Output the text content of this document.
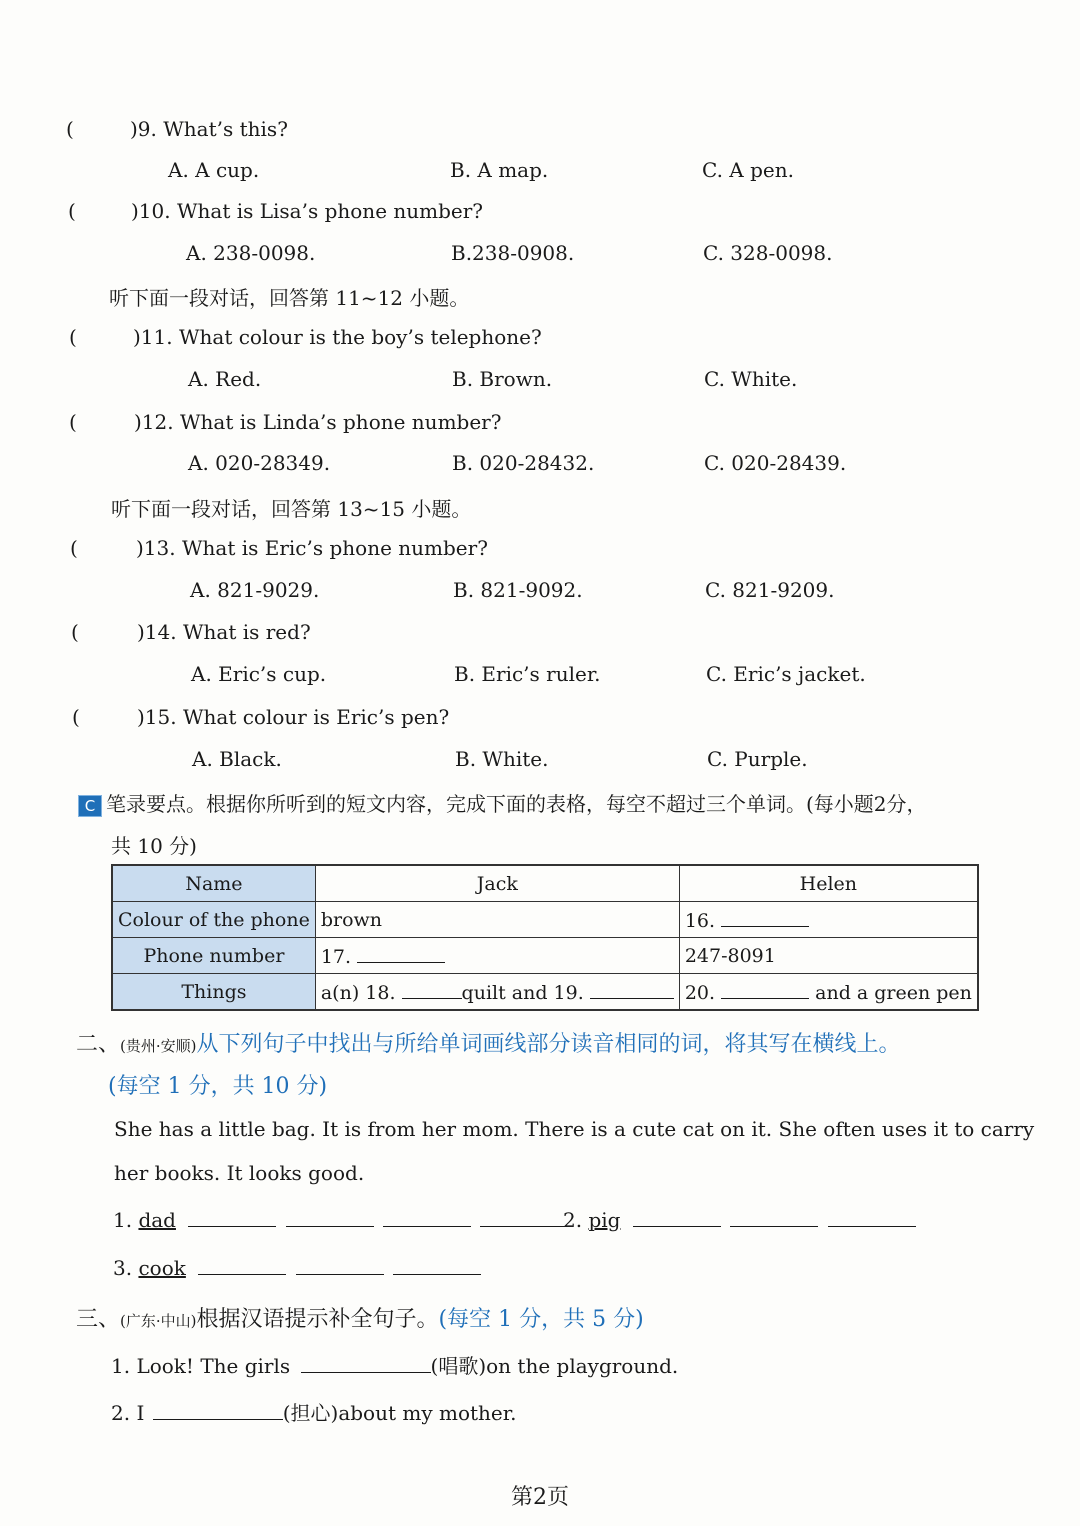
(	)9. What’s this?
A. A cup.	B. A map.	C. A pen.
(	)10. What is Lisa’s phone number?
A. 238-0098.	B.238-0908.	C. 328-0098.
听下面一段对话，回答第 11~12 小题。
(	)11. What colour is the boy’s telephone?
A. Red.	B. Brown.	C. White.
(	)12. What is Linda’s phone number?
A. 020-28349.	B. 020-28432.	C. 020-28439.
听下面一段对话，回答第 13~15 小题。
(	)13. What is Eric’s phone number?
A. 821-9029.	B. 821-9092.	C. 821-9209.
(	)14. What is red?
A. Eric’s cup.	B. Eric’s ruler.	C. Eric’s jacket.
(	)15. What colour is Eric’s pen?
A. Black.	B. White.	C. Purple.
C 笔录要点。根据你所听到的短文内容，完成下面的表格，每空不超过三个单词。(每小题2分，
共 10 分)
Name	Jack	Helen
Colour of the phone	brown	16.
Phone number	17.	247-8091
Things	a(n) 18. quilt and 19.	20. and a green pen
二、(贵州·安顺)从下列句子中找出与所给单词画线部分读音相同的词，将其写在横线上。
(每空 1 分，共 10 分)
She has a little bag. It is from her mom. There is a cute cat on it. She often uses it to carry
her books. It looks good.
1. dad	2. pig
3. cook
三、(广东·中山)根据汉语提示补全句子。(每空 1 分，共 5 分)
1. Look! The girls	(唱歌)on the playground.
2. I	(担心)about my mother.
第2页
